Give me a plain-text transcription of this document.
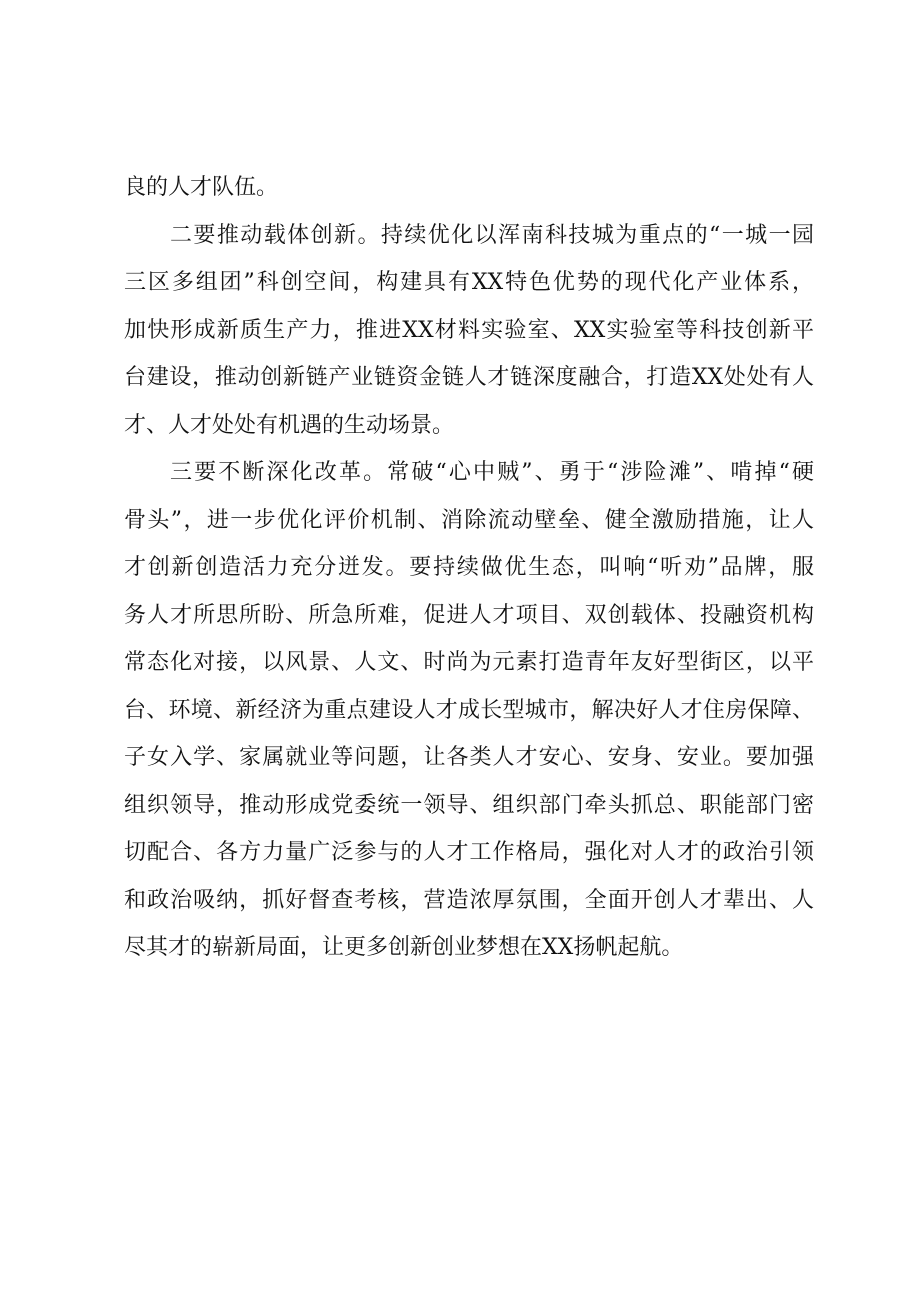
良的人才队伍。
二要推动载体创新。持续优化以浑南科技城为重点的“一城一园
三区多组团”科创空间，构建具有XX特色优势的现代化产业体系，
加快形成新质生产力，推进XX材料实验室、XX实验室等科技创新平
台建设，推动创新链产业链资金链人才链深度融合，打造XX处处有人
才、人才处处有机遇的生动场景。
三要不断深化改革。常破“心中贼”、勇于“涉险滩”、啃掉“硬
骨头”，进一步优化评价机制、消除流动壁垒、健全激励措施，让人
才创新创造活力充分迸发。要持续做优生态，叫响“听劝”品牌，服
务人才所思所盼、所急所难，促进人才项目、双创载体、投融资机构
常态化对接，以风景、人文、时尚为元素打造青年友好型街区，以平
台、环境、新经济为重点建设人才成长型城市，解决好人才住房保障、
子女入学、家属就业等问题，让各类人才安心、安身、安业。要加强
组织领导，推动形成党委统一领导、组织部门牵头抓总、职能部门密
切配合、各方力量广泛参与的人才工作格局，强化对人才的政治引领
和政治吸纳，抓好督查考核，营造浓厚氛围，全面开创人才辈出、人
尽其才的崭新局面，让更多创新创业梦想在XX扬帆起航。
